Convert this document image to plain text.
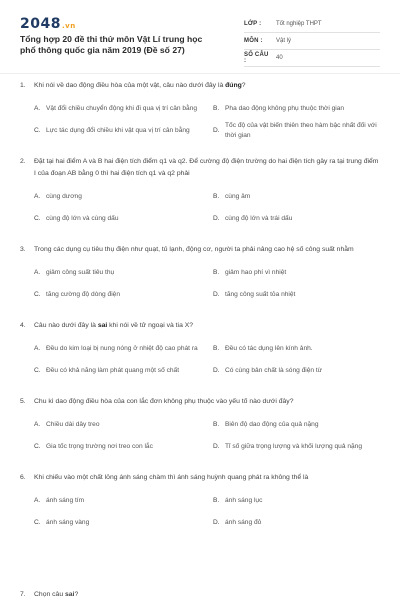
2048.vn
Tổng hợp 20 đề thi thử môn Vật Lí trung học phổ thông quốc gia năm 2019 (Đề số 27)
LỚP :	Tốt nghiệp THPT
MÔN :	Vật lý
SỐ CÂU :	40
1.	Khi nói về dao động điều hòa của một vật, câu nào dưới đây là đúng?
A. Vật đổi chiều chuyển động khi đi qua vị trí cân bằng	B. Pha dao động không phụ thuộc thời gian
C. Lực tác dụng đổi chiều khi vật qua vị trí cân bằng	D.
Tốc độ của vật biến thiên theo hàm bậc nhất đối với thời gian
2.	Đặt tại hai điểm A và B hai điện tích điểm q1 và q2. Để cường độ điện trường do hai điện tích gây ra tại trung điểm I của đoạn AB bằng 0 thì hai điện tích q1 và q2 phải
A. cùng dương	B. cùng âm
C. cùng độ lớn và cùng dấu	D. cùng độ lớn và trái dấu
3.	Trong các dụng cụ tiêu thụ điện như quạt, tủ lạnh, động cơ, người ta phải nâng cao hệ số công suất nhằm
A. giảm công suất tiêu thụ	B. giảm hao phí vì nhiệt
C. tăng cường độ dòng điện	D. tăng công suất tỏa nhiệt
4.	Câu nào dưới đây là sai khi nói về tử ngoại và tia X?
A. Đều do kim loại bị nung nóng ở nhiệt độ cao phát ra	B. Đều có tác dụng lên kính ảnh.
C. Đều có khả năng làm phát quang một số chất	D. Có cùng bản chất là sóng điện từ
5.	Chu kì dao động điều hòa của con lắc đơn không phụ thuộc vào yếu tố nào dưới đây?
A. Chiều dài dây treo	B. Biên độ dao động của quả nặng
C. Gia tốc trọng trường nơi treo con lắc	D. Tỉ số giữa trọng lượng và khối lượng quả nặng
6.	Khi chiếu vào một chất lỏng ánh sáng chàm thì ánh sáng huỳnh quang phát ra không thể là
A. ánh sáng tím	B. ánh sáng lục
C. ánh sáng vàng	D. ánh sáng đỏ
7.	Chọn câu sai?
